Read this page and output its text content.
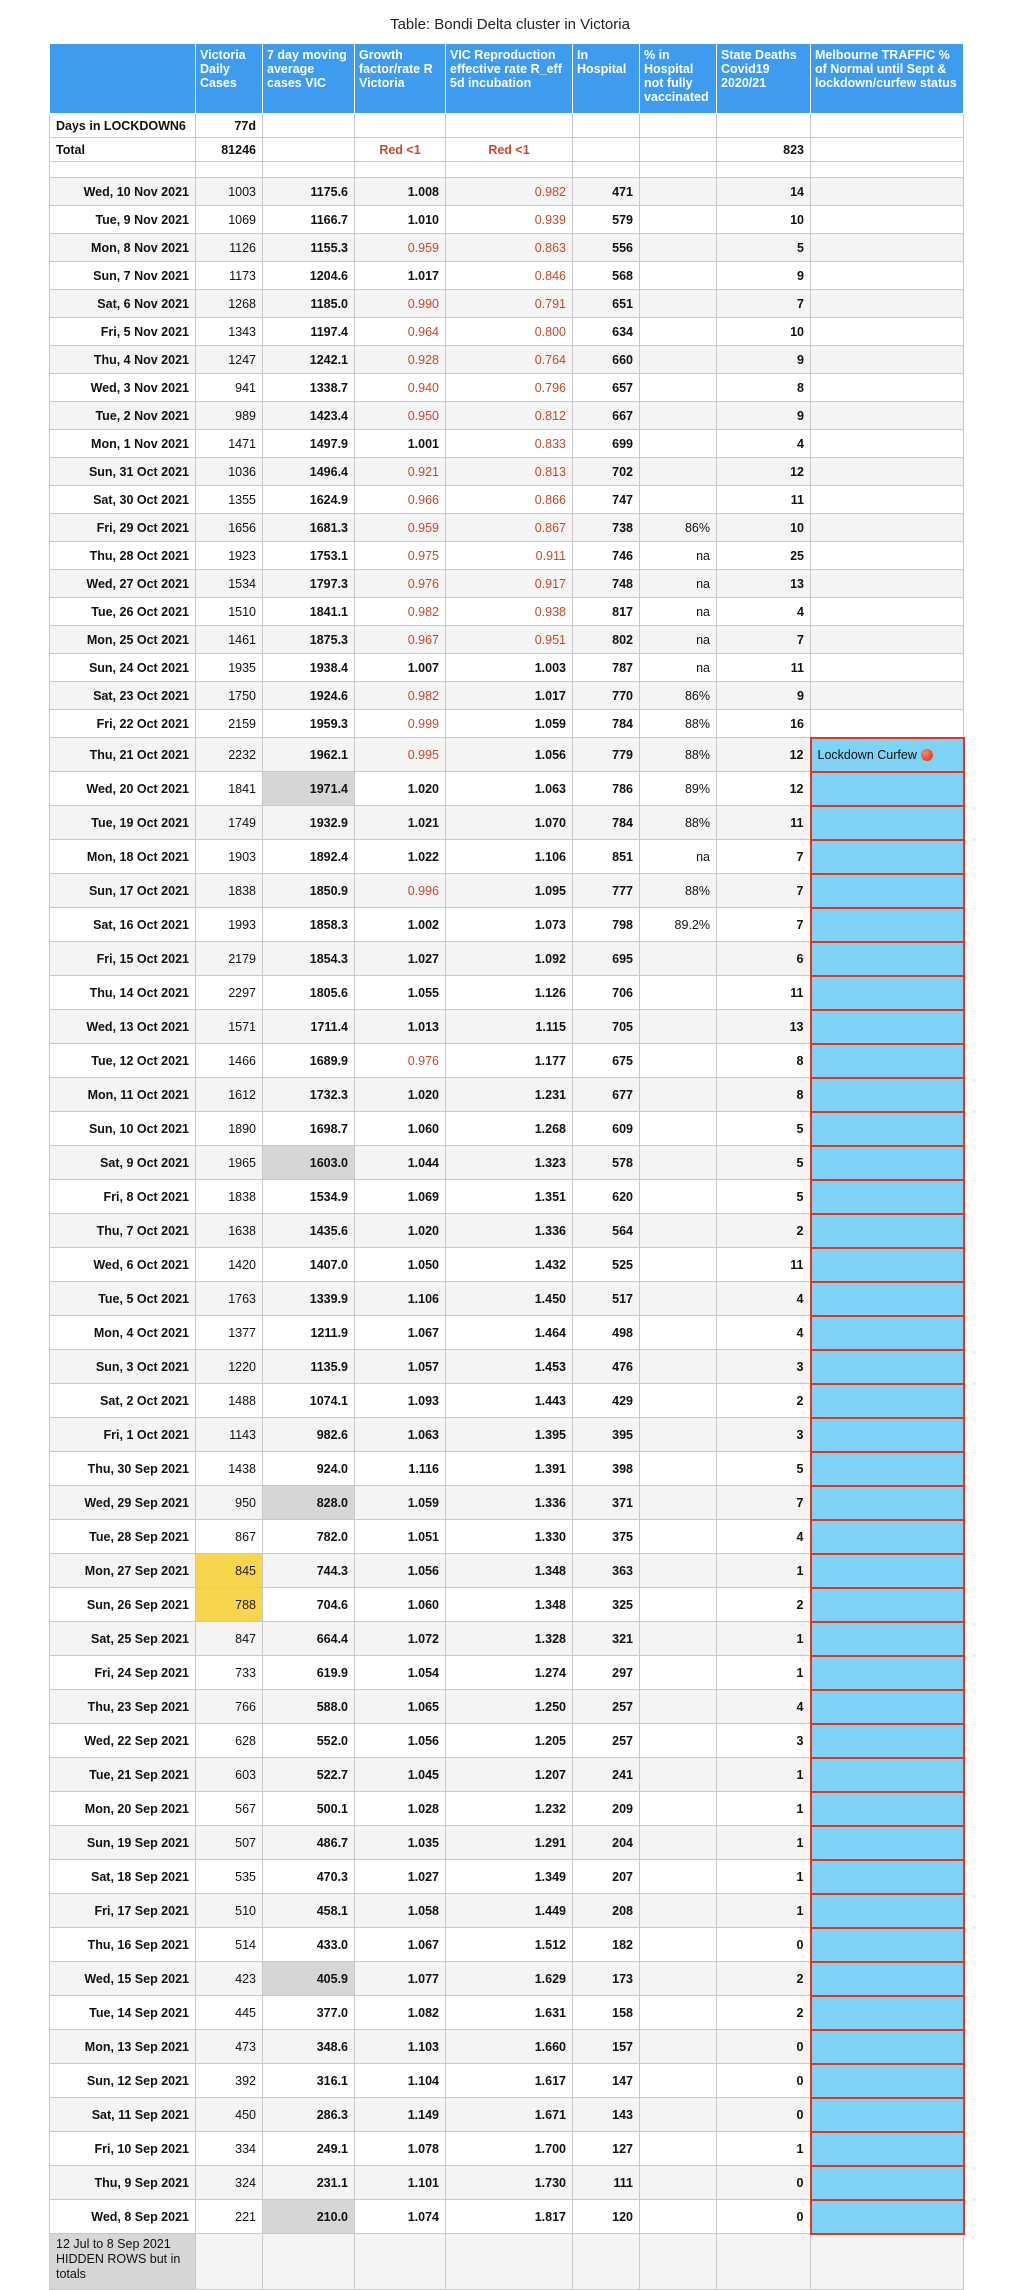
Table: Bondi Delta cluster in Victoria
	Victoria Daily Cases	7 day moving average cases VIC	Growth factor/rate R Victoria	VIC Reproduction effective rate R_eff 5d incubation	In Hospital	% in Hospital not fully vaccinated	State Deaths Covid19 2020/21	Melbourne TRAFFIC % of Normal until Sept & lockdown/curfew status
Days in LOCKDOWN6	77d							
Total	81246		Red <1	Red <1			823	

Wed, 10 Nov 2021	1003	1175.6	1.008	0.982	471		14	
Tue, 9 Nov 2021	1069	1166.7	1.010	0.939	579		10	
Mon, 8 Nov 2021	1126	1155.3	0.959	0.863	556		5	
Sun, 7 Nov 2021	1173	1204.6	1.017	0.846	568		9	
Sat, 6 Nov 2021	1268	1185.0	0.990	0.791	651		7	
Fri, 5 Nov 2021	1343	1197.4	0.964	0.800	634		10	
Thu, 4 Nov 2021	1247	1242.1	0.928	0.764	660		9	
Wed, 3 Nov 2021	941	1338.7	0.940	0.796	657		8	
Tue, 2 Nov 2021	989	1423.4	0.950	0.812	667		9	
Mon, 1 Nov 2021	1471	1497.9	1.001	0.833	699		4	
Sun, 31 Oct 2021	1036	1496.4	0.921	0.813	702		12	
Sat, 30 Oct 2021	1355	1624.9	0.966	0.866	747		11	
Fri, 29 Oct 2021	1656	1681.3	0.959	0.867	738	86%	10	
Thu, 28 Oct 2021	1923	1753.1	0.975	0.911	746	na	25	
Wed, 27 Oct 2021	1534	1797.3	0.976	0.917	748	na	13	
Tue, 26 Oct 2021	1510	1841.1	0.982	0.938	817	na	4	
Mon, 25 Oct 2021	1461	1875.3	0.967	0.951	802	na	7	
Sun, 24 Oct 2021	1935	1938.4	1.007	1.003	787	na	11	
Sat, 23 Oct 2021	1750	1924.6	0.982	1.017	770	86%	9	
Fri, 22 Oct 2021	2159	1959.3	0.999	1.059	784	88%	16	
Thu, 21 Oct 2021	2232	1962.1	0.995	1.056	779	88%	12	Lockdown Curfew
Wed, 20 Oct 2021	1841	1971.4	1.020	1.063	786	89%	12	
Tue, 19 Oct 2021	1749	1932.9	1.021	1.070	784	88%	11	
Mon, 18 Oct 2021	1903	1892.4	1.022	1.106	851	na	7	
Sun, 17 Oct 2021	1838	1850.9	0.996	1.095	777	88%	7	
Sat, 16 Oct 2021	1993	1858.3	1.002	1.073	798	89.2%	7	
Fri, 15 Oct 2021	2179	1854.3	1.027	1.092	695		6	
Thu, 14 Oct 2021	2297	1805.6	1.055	1.126	706		11	
Wed, 13 Oct 2021	1571	1711.4	1.013	1.115	705		13	
Tue, 12 Oct 2021	1466	1689.9	0.976	1.177	675		8	
Mon, 11 Oct 2021	1612	1732.3	1.020	1.231	677		8	
Sun, 10 Oct 2021	1890	1698.7	1.060	1.268	609		5	
Sat, 9 Oct 2021	1965	1603.0	1.044	1.323	578		5	
Fri, 8 Oct 2021	1838	1534.9	1.069	1.351	620		5	
Thu, 7 Oct 2021	1638	1435.6	1.020	1.336	564		2	
Wed, 6 Oct 2021	1420	1407.0	1.050	1.432	525		11	
Tue, 5 Oct 2021	1763	1339.9	1.106	1.450	517		4	
Mon, 4 Oct 2021	1377	1211.9	1.067	1.464	498		4	
Sun, 3 Oct 2021	1220	1135.9	1.057	1.453	476		3	
Sat, 2 Oct 2021	1488	1074.1	1.093	1.443	429		2	
Fri, 1 Oct 2021	1143	982.6	1.063	1.395	395		3	
Thu, 30 Sep 2021	1438	924.0	1.116	1.391	398		5	
Wed, 29 Sep 2021	950	828.0	1.059	1.336	371		7	
Tue, 28 Sep 2021	867	782.0	1.051	1.330	375		4	
Mon, 27 Sep 2021	845	744.3	1.056	1.348	363		1	
Sun, 26 Sep 2021	788	704.6	1.060	1.348	325		2	
Sat, 25 Sep 2021	847	664.4	1.072	1.328	321		1	
Fri, 24 Sep 2021	733	619.9	1.054	1.274	297		1	
Thu, 23 Sep 2021	766	588.0	1.065	1.250	257		4	
Wed, 22 Sep 2021	628	552.0	1.056	1.205	257		3	
Tue, 21 Sep 2021	603	522.7	1.045	1.207	241		1	
Mon, 20 Sep 2021	567	500.1	1.028	1.232	209		1	
Sun, 19 Sep 2021	507	486.7	1.035	1.291	204		1	
Sat, 18 Sep 2021	535	470.3	1.027	1.349	207		1	
Fri, 17 Sep 2021	510	458.1	1.058	1.449	208		1	
Thu, 16 Sep 2021	514	433.0	1.067	1.512	182		0	
Wed, 15 Sep 2021	423	405.9	1.077	1.629	173		2	
Tue, 14 Sep 2021	445	377.0	1.082	1.631	158		2	
Mon, 13 Sep 2021	473	348.6	1.103	1.660	157		0	
Sun, 12 Sep 2021	392	316.1	1.104	1.617	147		0	
Sat, 11 Sep 2021	450	286.3	1.149	1.671	143		0	
Fri, 10 Sep 2021	334	249.1	1.078	1.700	127		1	
Thu, 9 Sep 2021	324	231.1	1.101	1.730	111		0	
Wed, 8 Sep 2021	221	210.0	1.074	1.817	120		0	
12 Jul to 8 Sep 2021 HIDDEN ROWS but in totals								
